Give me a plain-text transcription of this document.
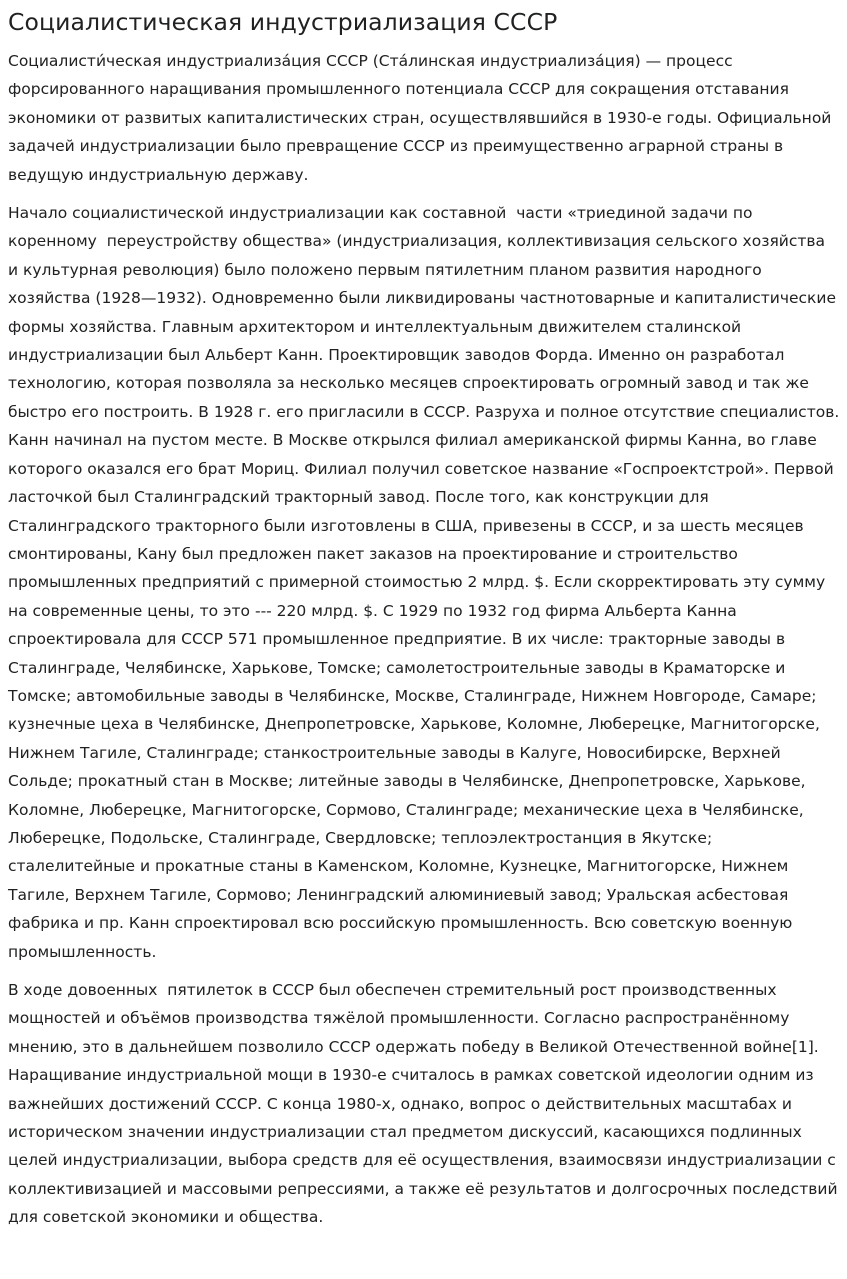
Социалистическая индустриализация СССР

Социалисти́ческая индустриализа́ция СССР (Ста́линская индустриализа́ция) — процесс форсированного наращивания промышленного потенциала СССР для сокращения отставания экономики от развитых капиталистических стран, осуществлявшийся в 1930-е годы. Официальной задачей индустриализации было превращение СССР из преимущественно аграрной страны в ведущую индустриальную державу.

Начало социалистической индустриализации как составной  части «триединой задачи по коренному  переустройству общества» (индустриализация, коллективизация сельского хозяйства  и культурная революция) было положено первым пятилетним планом развития народного  хозяйства (1928—1932). Одновременно были ликвидированы частнотоварные и капиталистические формы хозяйства. Главным архитектором и интеллектуальным движителем сталинской индустриализации был Альберт Канн. Проектировщик заводов Форда. Именно он разработал технологию, которая позволяла за несколько месяцев спроектировать огромный завод и так же быстро его построить. В 1928 г. его пригласили в СССР. Разруха и полное отсутствие специалистов. Канн начинал на пустом месте. В Москве открылся филиал американской фирмы Канна, во главе которого оказался его брат Мориц. Филиал получил советское название «Госпроектстрой». Первой ласточкой был Сталинградский тракторный завод. После того, как конструкции для Сталинградского тракторного были изготовлены в США, привезены в СССР, и за шесть месяцев смонтированы, Кану был предложен пакет заказов на проектирование и строительство промышленных предприятий с примерной стоимостью 2 млрд. $. Если скорректировать эту сумму на современные цены, то это --- 220 млрд. $. С 1929 по 1932 год фирма Альберта Канна спроектировала для СССР 571 промышленное предприятие. В их числе: тракторные заводы в Сталинграде, Челябинске, Харькове, Томске; самолетостроительные заводы в Краматорске и Томске; автомобильные заводы в Челябинске, Москве, Сталинграде, Нижнем Новгороде, Самаре; кузнечные цеха в Челябинске, Днепропетровске, Харькове, Коломне, Люберецке, Магнитогорске, Нижнем Тагиле, Сталинграде; станкостроительные заводы в Калуге, Новосибирске, Верхней Сольде; прокатный стан в Москве; литейные заводы в Челябинске, Днепропетровске, Харькове, Коломне, Люберецке, Магнитогорске, Сормово, Сталинграде; механические цеха в Челябинске, Люберецке, Подольске, Сталинграде, Свердловске; теплоэлектростанция в Якутске; сталелитейные и прокатные станы в Каменском, Коломне, Кузнецке, Магнитогорске, Нижнем Тагиле, Верхнем Тагиле, Сормово; Ленинградский алюминиевый завод; Уральская асбестовая фабрика и пр. Канн спроектировал всю российскую промышленность. Всю советскую военную промышленность.

В ходе довоенных  пятилеток в СССР был обеспечен стремительный рост производственных мощностей и объёмов производства тяжёлой промышленности. Согласно распространённому мнению, это в дальнейшем позволило СССР одержать победу в Великой Отечественной войне[1]. Наращивание индустриальной мощи в 1930-е считалось в рамках советской идеологии одним из важнейших достижений СССР. С конца 1980-х, однако, вопрос о действительных масштабах и историческом значении индустриализации стал предметом дискуссий, касающихся подлинных целей индустриализации, выбора средств для её осуществления, взаимосвязи индустриализации с коллективизацией и массовыми репрессиями, а также её результатов и долгосрочных последствий для советской экономики и общества.
